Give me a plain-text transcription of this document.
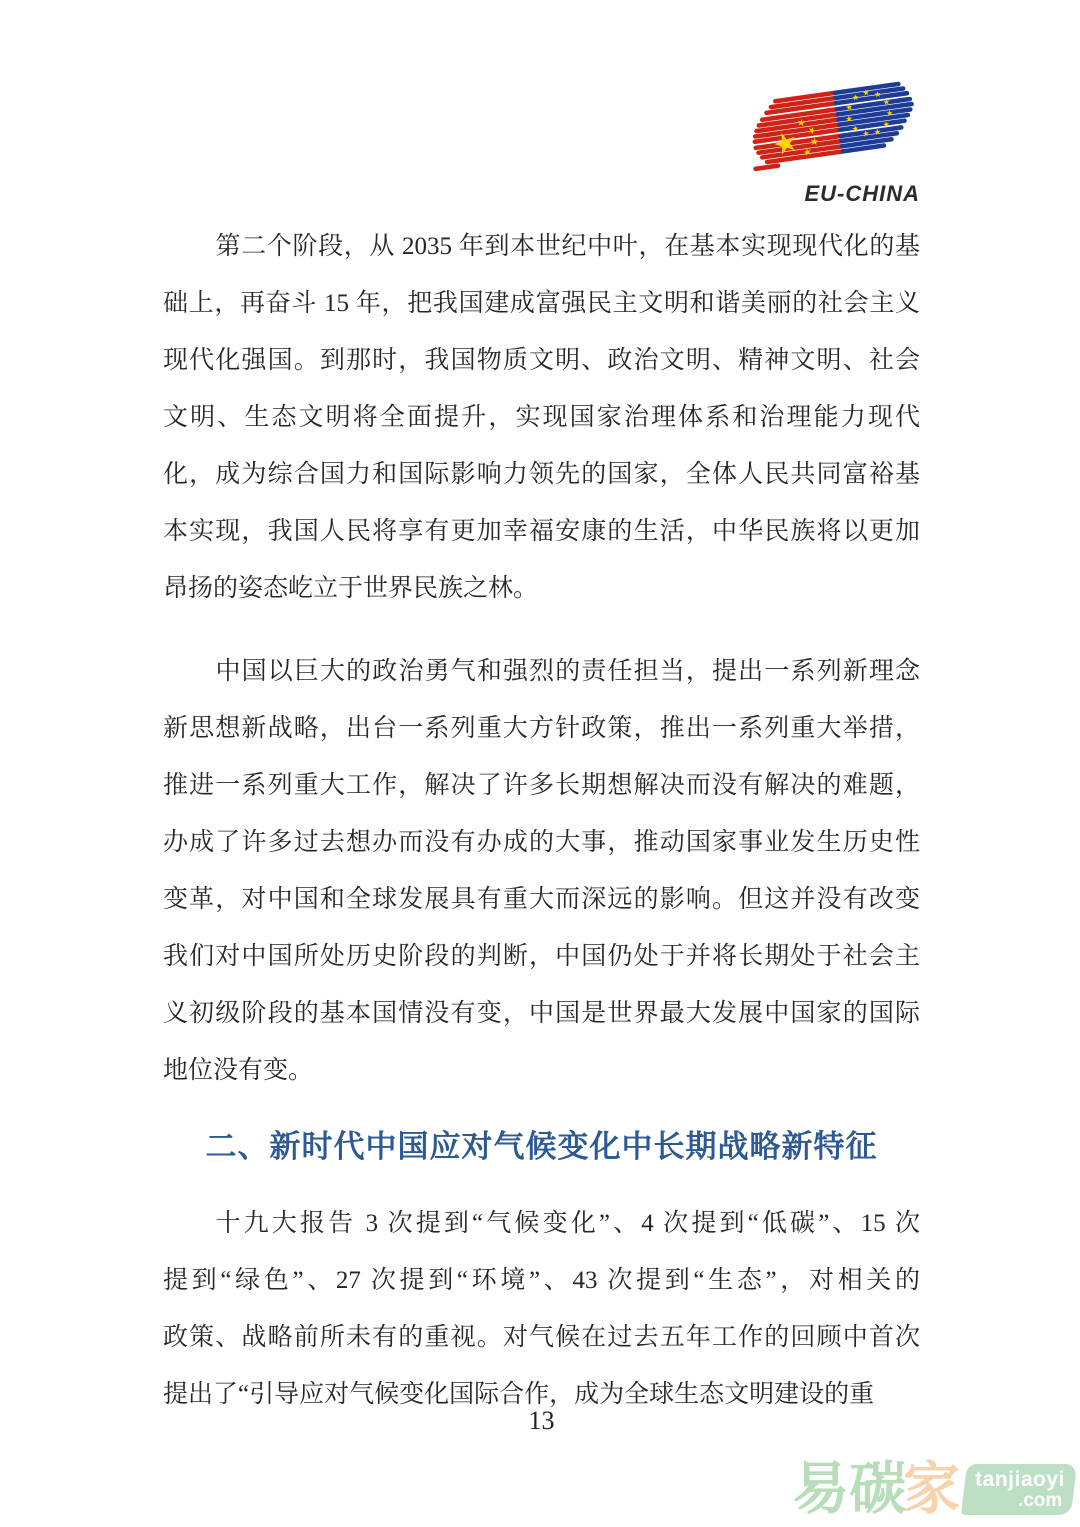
EU-CHINA
第二个阶段，从 2035 年到本世纪中叶，在基本实现现代化的基
础上，再奋斗 15 年，把我国建成富强民主文明和谐美丽的社会主义
现代化强国。到那时，我国物质文明、政治文明、精神文明、社会
文明、生态文明将全面提升，实现国家治理体系和治理能力现代
化，成为综合国力和国际影响力领先的国家，全体人民共同富裕基
本实现，我国人民将享有更加幸福安康的生活，中华民族将以更加
昂扬的姿态屹立于世界民族之林。
中国以巨大的政治勇气和强烈的责任担当，提出一系列新理念
新思想新战略，出台一系列重大方针政策，推出一系列重大举措，
推进一系列重大工作，解决了许多长期想解决而没有解决的难题，
办成了许多过去想办而没有办成的大事，推动国家事业发生历史性
变革，对中国和全球发展具有重大而深远的影响。但这并没有改变
我们对中国所处历史阶段的判断，中国仍处于并将长期处于社会主
义初级阶段的基本国情没有变，中国是世界最大发展中国家的国际
地位没有变。
二、新时代中国应对气候变化中长期战略新特征
十九大报告 3 次提到“气候变化”、4 次提到“低碳”、15 次
提到“绿色”、27 次提到“环境”、43 次提到“生态”，对相关的
政策、战略前所未有的重视。对气候在过去五年工作的回顾中首次
提出了“引导应对气候变化国际合作，成为全球生态文明建设的重
13
易碳
家 tanjiaoyi
.com
